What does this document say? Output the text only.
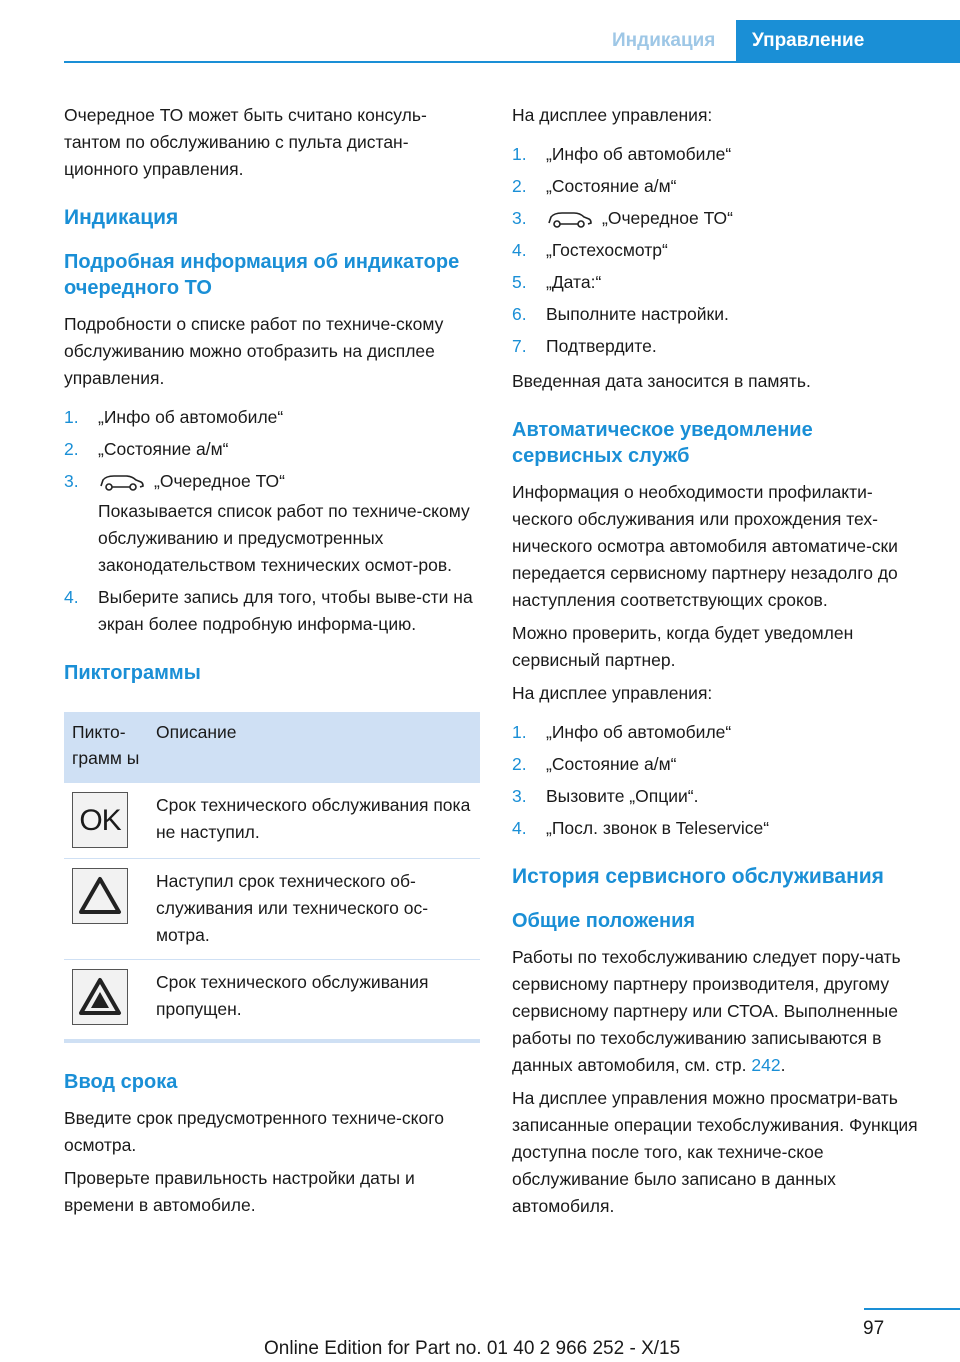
Индикация	Управление

Очередное ТО может быть считано консуль-тантом по обслуживанию с пульта дистан-ционного управления.

Индикация
Подробная информация об индикаторе очередного ТО

Подробности о списке работ по техниче-скому обслуживанию можно отобразить на дисплее управления.

1. „Инфо об автомобиле“
2. „Состояние а/м“
3.	„Очередное ТО“
Показывается список работ по техниче-скому обслуживанию и предусмотренных законодательством технических осмот-ров.
4. Выберите запись для того, чтобы выве-сти на экран более подробную информа-цию.
Пиктограммы
Пикто-грамм ы	Описание

OK	Срок технического обслуживания пока не наступил.

	Наступил срок технического об-служивания или технического ос-мотра.

	Срок технического обслуживания пропущен.
Ввод срока

Введите срок предусмотренного техниче-ского осмотра.

Проверьте правильность настройки даты и времени в автомобиле.

На дисплее управления:

1. „Инфо об автомобиле“
2. „Состояние а/м“
3.	„Очередное ТО“
4. „Гостехосмотр“
5. „Дата:“
6. Выполните настройки.
7. Подтвердите.

Введенная дата заносится в память.

Автоматическое уведомление сервисных служб

Информация о необходимости профилакти-ческого обслуживания или прохождения тех-нического осмотра автомобиля автоматиче-ски передается сервисному партнеру незадолго до наступления соответствующих сроков.

Можно проверить, когда будет уведомлен сервисный партнер.

На дисплее управления:

1. „Инфо об автомобиле“
2. „Состояние а/м“
3. Вызовите „Опции“.
4. „Посл. звонок в Teleservice“
История сервисного обслуживания
Общие положения

Работы по техобслуживанию следует пору-чать сервисному партнеру производителя, другому сервисному партнеру или СТОА. Выполненные работы по техобслуживанию записываются в данных автомобиля, см. стр. 242.

На дисплее управления можно просматри-вать записанные операции техобслуживания. Функция доступна после того, как техниче-ское обслуживание было записано в данных автомобиля.

97
Online Edition for Part no. 01 40 2 966 252 - X/15
